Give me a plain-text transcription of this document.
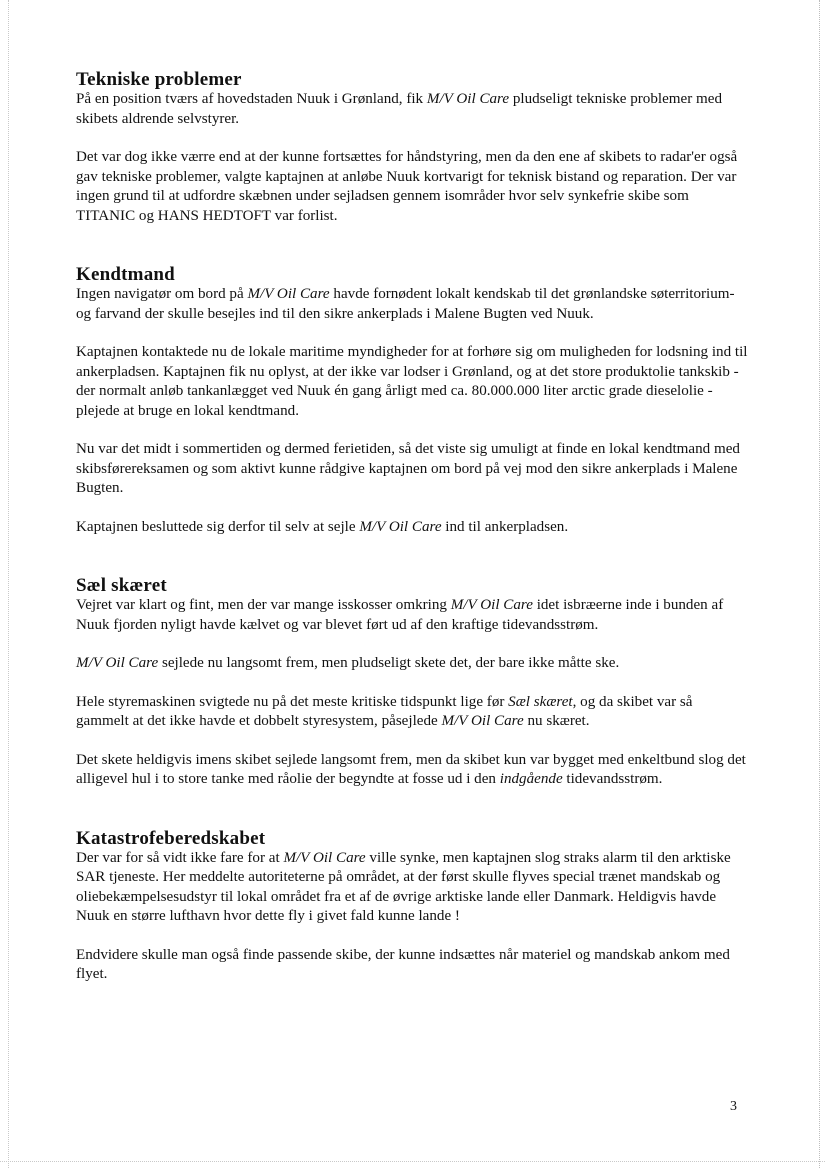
Tekniske problemer

På en position tværs af hovedstaden Nuuk i Grønland, fik M/V Oil Care pludseligt tekniske problemer med skibets aldrende selvstyrer.

Det var dog ikke værre end at der kunne fortsættes for håndstyring, men da den ene af skibets to radar'er også gav tekniske problemer, valgte kaptajnen at anløbe Nuuk kortvarigt for teknisk bistand og reparation. Der var ingen grund til at udfordre skæbnen under sejladsen gennem isområder hvor selv synkefrie skibe som TITANIC og HANS HEDTOFT var forlist.

Kendtmand

Ingen navigatør om bord på M/V Oil Care havde fornødent lokalt kendskab til det grønlandske søterritorium- og farvand der skulle besejles ind til den sikre ankerplads i Malene Bugten ved Nuuk.

Kaptajnen kontaktede nu de lokale maritime myndigheder for at forhøre sig om muligheden for lodsning ind til ankerpladsen. Kaptajnen fik nu oplyst, at der ikke var lodser i Grønland, og at det store produktolie tankskib - der normalt anløb tankanlægget ved Nuuk én gang årligt med ca. 80.000.000 liter arctic grade dieselolie - plejede at bruge en lokal kendtmand.

Nu var det midt i sommertiden og dermed ferietiden, så det viste sig umuligt at finde en lokal kendtmand med skibsførereksamen og som aktivt kunne rådgive kaptajnen om bord på vej mod den sikre ankerplads i Malene Bugten.

Kaptajnen besluttede sig derfor til selv at sejle M/V Oil Care ind til ankerpladsen.

Sæl skæret

Vejret var klart og fint, men der var mange isskosser omkring M/V Oil Care idet isbræerne inde i bunden af Nuuk fjorden nyligt havde kælvet og var blevet ført ud af den kraftige tidevandsstrøm.

M/V Oil Care sejlede nu langsomt frem, men pludseligt skete det, der bare ikke måtte ske.

Hele styremaskinen svigtede nu på det meste kritiske tidspunkt lige før Sæl skæret, og da skibet var så gammelt at det ikke havde et dobbelt styresystem, påsejlede M/V Oil Care nu skæret.

Det skete heldigvis imens skibet sejlede langsomt frem, men da skibet kun var bygget med enkeltbund slog det alligevel hul i to store tanke med råolie der begyndte at fosse ud i den indgående tidevandsstrøm.

Katastrofeberedskabet

Der var for så vidt ikke fare for at M/V Oil Care ville synke, men kaptajnen slog straks alarm til den arktiske SAR tjeneste. Her meddelte autoriteterne på området, at der først skulle flyves special trænet mandskab og oliebekæmpelsesudstyr til lokal området fra et af de øvrige arktiske lande eller Danmark. Heldigvis havde Nuuk en større lufthavn hvor dette fly i givet fald kunne lande !

Endvidere skulle man også finde passende skibe, der kunne indsættes når materiel og mandskab ankom med flyet.

3
